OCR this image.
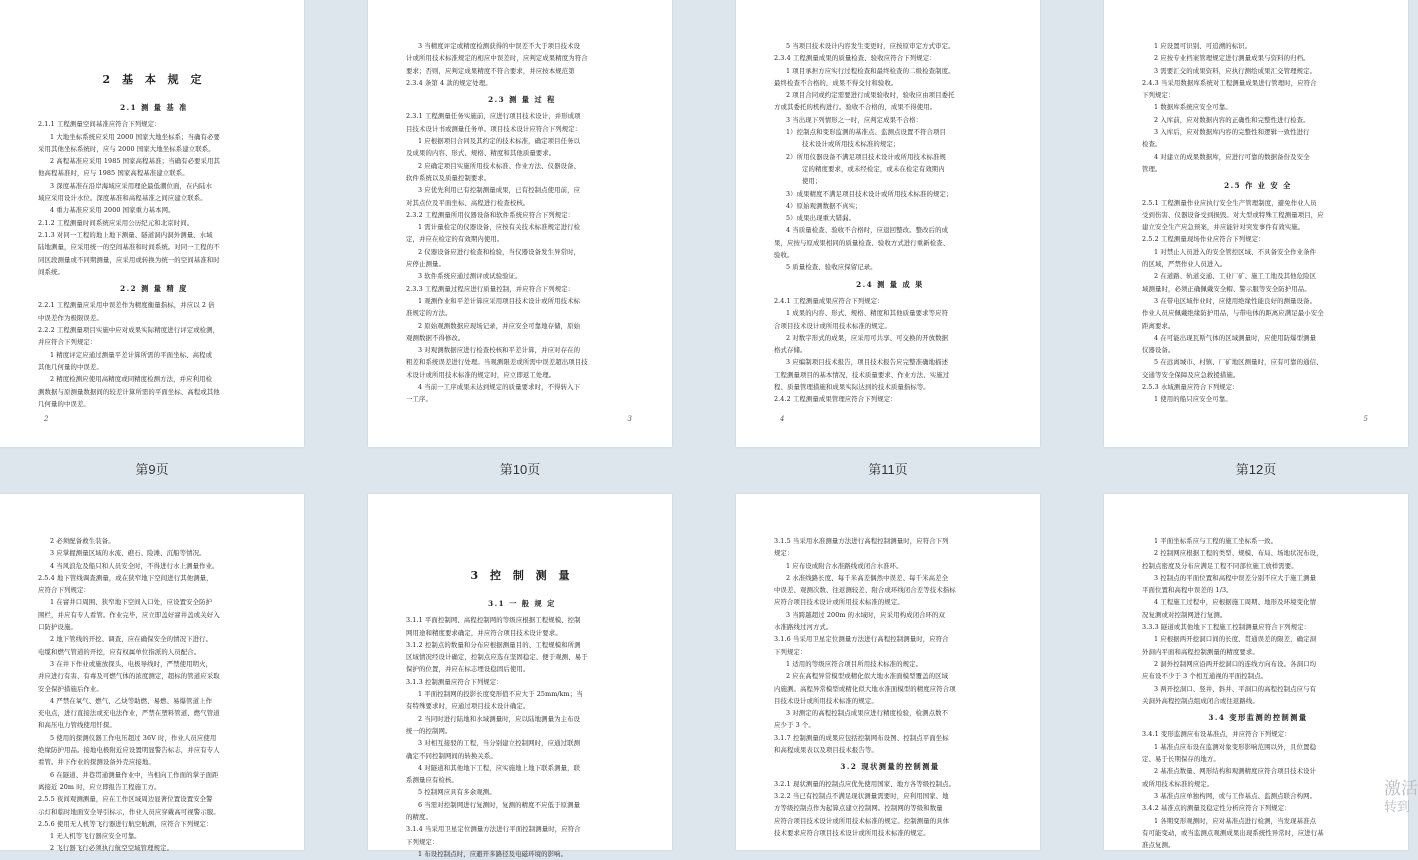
2 基 本 规 定
2.1 测 量 基 准
2.1.1 工程测量空间基准应符合下列规定：
1 大地坐标系统应采用 2000 国家大地坐标系；当确有必要
采用其他坐标系统时，应与 2000 国家大地坐标系建立联系。
2 高程基准应采用 1985 国家高程基准；当确有必要采用其
他高程基准时，应与 1985 国家高程基准建立联系。
3 深度基准在沿岸海域应采用理论最低潮位面，在内陆水
域应采用设计水位。深度基准和高程基准之间应建立联系。
4 重力基准应采用 2000 国家重力基本网。
2.1.2 工程测量时间系统应采用公历纪元和北京时间。
2.1.3 对同一工程的地上地下测量、隧道洞内洞外测量、水域
陆地测量，应采用统一的空间基准和时间系统。对同一工程的不
同区段测量或不同期测量，应采用或转换为统一的空间基准和时
间系统。
2.2 测 量 精 度
2.2.1 工程测量应采用中误差作为精度衡量指标，并应以 2 倍
中误差作为极限误差。
2.2.2 工程测量项目实施中应对成果实际精度进行评定或检测，
并应符合下列规定：
1 精度评定应通过测量平差计算所需的平面坐标、高程或
其他几何量的中误差。
2 精度检测应使用高精度或同精度检测方法，并应利用检
测数据与原测量数据间的较差计算所需的平面坐标、高程或其他
几何量的中误差。
2
3 当精度评定或精度检测获得的中误差不大于项目技术设
计或所用技术标准规定的相应中误差时，应判定成果精度为符合
要求；否则，应判定成果精度不符合要求，并应按本规范第
2.3.4 条第 4 款的规定处理。
2.3 测 量 过 程
2.3.1 工程测量任务实施前，应进行项目技术设计，并形成项
目技术设计书或测量任务单。项目技术设计应符合下列规定：
1 应根据项目合同及其约定的技术标准，确定项目任务以
及成果的内容、形式、规格、精度和其他质量要求。
2 应确定项目实施所用技术标准、作业方法、仪器设备、
软件系统以及质量控制要求。
3 应优先利用已有控制测量成果，已有控制点使用前，应
对其点位及平面坐标、高程进行检查校核。
2.3.2 工程测量所用仪器设备和软件系统应符合下列规定：
1 需计量检定的仪器设备，应按有关技术标准规定进行检
定，并应在检定的有效期内使用。
2 仪器设备应进行检查和检验，当仪器设备发生异常时，
应停止测量。
3 软件系统应通过测评或试验验证。
2.3.3 工程测量过程应进行质量控制，并应符合下列规定：
1 观测作业和平差计算应采用项目技术设计或所用技术标
准规定的方法。
2 原始观测数据应现场记录，并应安全可靠地存储，原始
观测数据不得修改。
3 对观测数据应进行检查校核和平差计算，并应对存在的
粗差和系统误差进行处理。当观测限差或所需中误差超出项目技
术设计或所用技术标准的规定时，应立即返工处理。
4 当前一工序成果未达到规定的质量要求时，不得转入下
一工序。
3
5 当项目技术设计内容发生变更时，应按原审定方式审定。
2.3.4 工程测量成果的质量检查、验收应符合下列规定：
1 项目承担方应实行过程检查和最终检查的二级检查制度。
最终检查不合格的，成果不得交付和验收。
2 项目合同或约定需要进行成果验收时，验收应由项目委托
方或其委托的机构进行。验收不合格的，成果不得使用。
3 当出现下列情形之一时，应判定成果不合格：
1）控制点和变形监测的基准点、监测点设置不符合项目
技术设计或所用技术标准的规定；
2）所用仪器设备不满足项目技术设计或所用技术标准规
定的精度要求，或未经检定，或未在检定有效期内
使用；
3）成果精度不满足项目技术设计或所用技术标准的规定；
4）原始观测数据不真实；
5）成果出现重大错漏。
4 当质量检查、验收不合格时，应退回整改。整改后的成
果，应按与原成果相同的质量检查、验收方式进行重新检查、
验收。
5 质量检查、验收应保留记录。
2.4 测 量 成 果
2.4.1 工程测量成果应符合下列规定：
1 成果的内容、形式、规格、精度和其他质量要求等应符
合项目技术设计或所用技术标准的规定。
2 对数字形式的成果，应采用可共享、可交换的开放数据
格式存储。
3 应编制项目技术报告，项目技术报告应完整准确地描述
工程测量项目的基本情况、技术质量要求、作业方法、实施过
程、质量管理措施和成果实际达到的技术质量指标等。
2.4.2 工程测量成果管理应符合下列规定：
4
1 应设置可识别、可追溯的标识。
2 应按专业档案管理规定进行测量成果与资料的归档。
3 需要汇交的成果资料，应执行测绘成果汇交管理规定。
2.4.3 当采用数据库系统对工程测量成果进行管理时，应符合
下列规定：
1 数据库系统应安全可靠。
2 入库前，应对数据内容的正确性和完整性进行检查。
3 入库后，应对数据库内容的完整性和逻辑一致性进行
检查。
4 对建立的成果数据库，应进行可靠的数据备份及安全
管理。
2.5 作 业 安 全
2.5.1 工程测量作业应执行安全生产管理制度，避免作业人员
受到伤害、仪器设备受到损毁。对大型或特殊工程测量项目，应
建立安全生产应急预案，并应能针对突发事件有效实施。
2.5.2 工程测量现场作业应符合下列规定：
1 对禁止人员进入的安全管控区域、不具备安全作业条件
的区域，严禁作业人员进入。
2 在道路、轨道交通、工业厂矿、施工工地及其他危险区
域测量时，必须正确佩戴安全帽、警示服等安全防护用品。
3 在带电区域作业时，应使用绝缘性能良好的测量设备。
作业人员应佩戴绝缘防护用品，与带电体的距离应满足最小安全
距离要求。
4 在可能出现瓦斯气体的区域测量时，应使用防爆型测量
仪器设备。
5 在远离城市、村镇、厂矿地区测量时，应有可靠的通信、
交通等安全保障及应急救援措施。
2.5.3 水域测量应符合下列规定：
1 使用的船只应安全可靠。
5
第9页	第10页	第11页	第12页
2 必须配备救生装备。
3 应掌握测量区域的水流、礁石、险滩、沉船等情况。
4 当风浪危及船只和人员安全时，不得进行水上测量作业。
2.5.4 地下管线调查测量，或在狭窄地下空间进行其他测量，
应符合下列规定：
1 在窨井口周围、狭窄地下空间入口处，应设置安全防护
围栏，并应有专人看管。作业完毕，应立即盖好窨井盖或关好入
口防护设施。
2 地下管线的开挖、调查，应在确保安全的情况下进行。
电缆和燃气管道的开挖，应有权属单位指派的人员配合。
3 在井下作业或施放探头、电极导线时，严禁使用明火，
并应进行有害、有毒及可燃气体的浓度测定，超标的管道应采取
安全保护措施后作业。
4 严禁在氧气、燃气、乙炔等助燃、易燃、易爆管道上作
充电点，进行直接法或充电法作业，严禁在塑料管道、燃气管道
和高压电力管线使用钎探。
5 使用的探测仪器工作电压超过 36V 时，作业人员应使用
绝缘防护用品。接地电极附近应设置明显警告标志，并应有专人
看管。井下作业的探测设备外壳应接地。
6 在隧道、井巷贯通测量作业中，当相向工作面的掌子面距
离接近 20m 时，应立即报告工程施工方。
2.5.5 夜间观测测量，应在工作区域周边显著位置设置安全警
示灯和临时地面安全导引标示，作业人员应穿戴高可视警示服。
2.5.6 使用无人机等飞行器进行航空航测，应符合下列规定：
1 无人机等飞行器应安全可靠。
2 飞行器飞行必须执行航空空域管理规定。
3 控 制 测 量
3.1 一 般 规 定
3.1.1 平面控制网、高程控制网的等级应根据工程规模、控制
网用途和精度要求确定，并应符合项目技术设计要求。
3.1.2 控制点的数量和分布应根据测量目的、工程规模和所测
区域情况经设计确定，控制点应选在坚固稳定、便于观测、易于
保护的位置，并应在标志埋设稳固后使用。
3.1.3 控制测量应符合下列规定：
1 平面控制网的投影长度变形值不应大于 25mm/km；当
有特殊要求时，应通过项目技术设计确定。
2 当同时进行陆地和水域测量时，应以陆地测量为主布设
统一的控制网。
3 对相互接驳的工程，当分别建立控制网时，应通过联测
确定不同控制网间的转换关系。
4 对隧道和其他地下工程，应实施地上地下联系测量，联
系测量应有检核。
5 控制网应具有多余观测。
6 当需对控制网进行复测时，复测的精度不应低于原测量
的精度。
3.1.4 当采用卫星定位测量方法进行平面控制测量时，应符合
下列规定：
1 布设控制点时，应避开多路径及电磁环境的影响。
3.1.5 当采用水准测量方法进行高程控制测量时，应符合下列
规定：
1 应布设成附合水准路线或闭合水准环。
2 水准线路长度、每千米高差偶然中误差、每千米高差全
中误差、观测次数、往返测较差、附合或环线闭合差等技术指标
应符合项目技术设计或所用技术标准的规定。
3 当跨越超过 200m 的水域时，应采用构成闭合环的双
水准路线过河方式。
3.1.6 当采用卫星定位测量方法进行高程控制测量时，应符合
下列规定：
1 适用的等级应符合项目所用技术标准的规定。
2 应在高程异常模型或精化似大地水准面模型覆盖的区域
内施测。高程异常模型或精化似大地水准面模型的精度应符合项
目技术设计或所用技术标准的规定。
3 对测定的高程控制点成果应进行精度检验，检测点数不
应少于 3 个。
3.1.7 控制测量的成果应包括控制网布设图、控制点平面坐标
和高程成果表以及项目技术报告等。
3.2 现状测量的控制测量
3.2.1 现状测量的控制点应优先使用国家、地方各等级控制点。
3.2.2 当已有控制点不满足现状测量需要时，应利用国家、地
方等级控制点作为起算点建立控制网。控制网的等级和数量
应符合项目技术设计或所用技术标准的规定。控制测量的具体
技术要求应符合项目技术设计或所用技术标准的规定。
1 平面坐标系应与工程的施工坐标系一致。
2 控制网应根据工程的类型、规模、布局、场地状况布设，
控制点密度及分布应满足工程不同部位施工放样需要。
3 控制点的平面位置和高程中误差分别不应大于施工测量
平面位置和高程中误差的 1/3。
4 工程施工过程中，应根据施工周期、地形及环境变化情
况复测或对控制网进行复测。
3.3.3 隧道或其他地下工程施工控制测量应符合下列规定：
1 应根据两开挖洞口间的长度、贯通误差的限差，确定洞
外洞内平面和高程控制测量的精度要求。
2 洞外控制网应沿两开挖洞口的连线方向布设。各洞口均
应布设不少于 3 个相互通视的平面控制点。
3 两开挖洞口、竖井、斜井、平洞口的高程控制点应与有
关洞外高程控制点组成闭合或往返路线。
3.4 变形监测的控制测量
3.4.1 变形监测应布设基准点，并应符合下列规定：
1 基准点应布设在监测对象变形影响范围以外，且位置稳
定、易于长期保存的地方。
2 基准点数量、网形结构和观测精度应符合项目技术设计
或所用技术标准的规定。
3 基准点应单独构网，或与工作基点、监测点联合构网。
3.4.2 基准点的测量及稳定性分析应符合下列规定：
1 各期变形观测时，应对基准点进行检测，当发现基准点
有可能变动，或当监测点观测成果出现系统性异常时，应进行基
准点复测。
激活
转到
